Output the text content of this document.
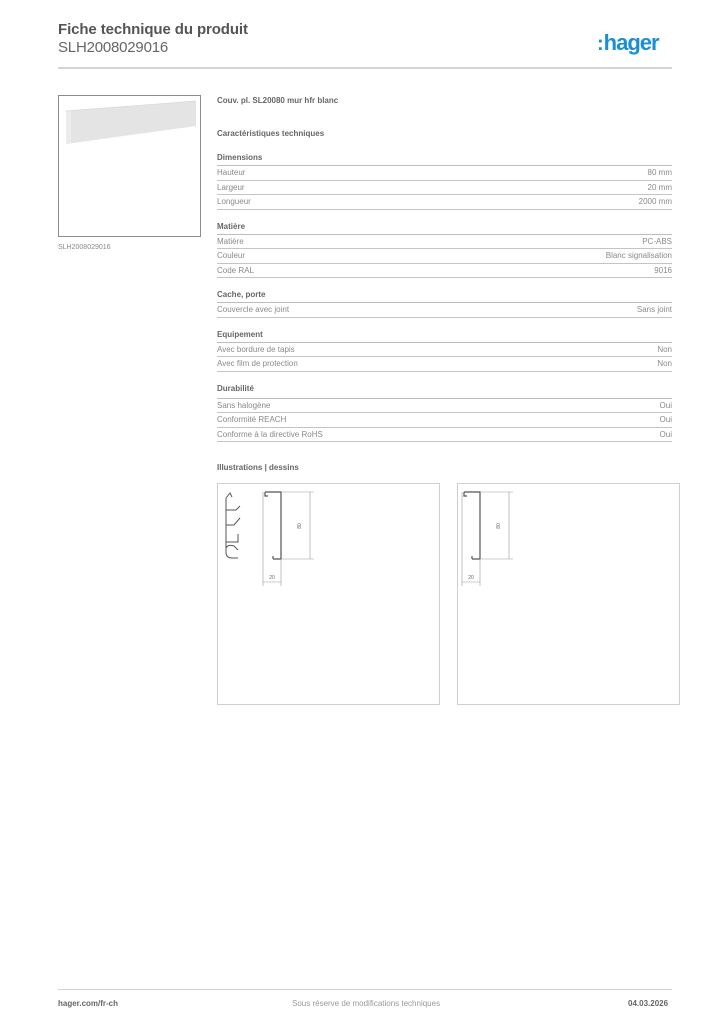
Fiche technique du produit
SLH2008029016	:hager
SLH2008029016
Couv. pl. SL20080 mur hfr blanc
Caractéristiques techniques
Dimensions
Hauteur	80 mm
Largeur	20 mm
Longueur	2000 mm
Matière
Matière	PC-ABS
Couleur	Blanc signalisation
Code RAL	9016
Cache, porte
Couvercle avec joint	Sans joint
Equipement
Avec bordure de tapis	Non
Avec film de protection	Non
Durabilité
Sans halogène	Oui
Conformité REACH	Oui
Conforme à la directive RoHS	Oui
Illustrations | dessins
80
20
80
20
hager.com/fr-ch	Sous réserve de modifications techniques	04.03.2026
